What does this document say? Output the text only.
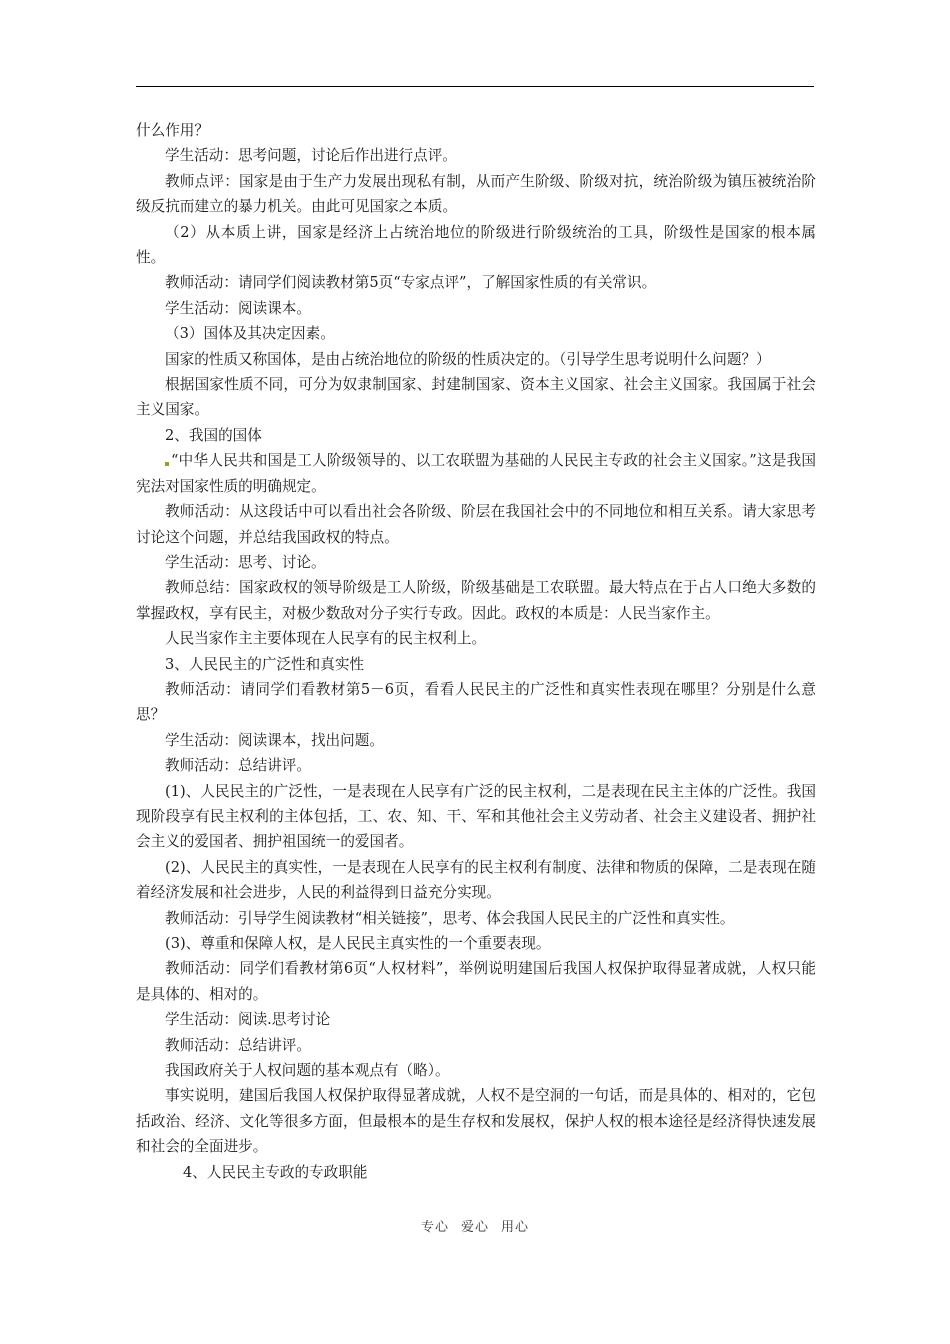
什么作用？

学生活动：思考问题，讨论后作出进行点评。

教师点评：国家是由于生产力发展出现私有制，从而产生阶级、阶级对抗，统治阶级为镇压被统治阶级反抗而建立的暴力机关。由此可见国家之本质。

（2）从本质上讲，国家是经济上占统治地位的阶级进行阶级统治的工具，阶级性是国家的根本属性。

教师活动：请同学们阅读教材第5页“专家点评”，了解国家性质的有关常识。

学生活动：阅读课本。

（3）国体及其决定因素。

国家的性质又称国体，是由占统治地位的阶级的性质决定的。（引导学生思考说明什么问题？）

根据国家性质不同，可分为奴隶制国家、封建制国家、资本主义国家、社会主义国家。我国属于社会主义国家。

2、我国的国体

“中华人民共和国是工人阶级领导的、以工农联盟为基础的人民民主专政的社会主义国家。”这是我国宪法对国家性质的明确规定。

教师活动：从这段话中可以看出社会各阶级、阶层在我国社会中的不同地位和相互关系。请大家思考讨论这个问题，并总结我国政权的特点。

学生活动：思考、讨论。

教师总结：国家政权的领导阶级是工人阶级，阶级基础是工农联盟。最大特点在于占人口绝大多数的掌握政权，享有民主，对极少数敌对分子实行专政。因此。政权的本质是：人民当家作主。

人民当家作主主要体现在人民享有的民主权利上。

3、人民民主的广泛性和真实性

教师活动：请同学们看教材第5－6页，看看人民民主的广泛性和真实性表现在哪里？分别是什么意思？

学生活动：阅读课本，找出问题。

教师活动：总结讲评。

(1)、人民民主的广泛性，一是表现在人民享有广泛的民主权利，二是表现在民主主体的广泛性。我国现阶段享有民主权利的主体包括，工、农、知、干、军和其他社会主义劳动者、社会主义建设者、拥护社会主义的爱国者、拥护祖国统一的爱国者。

(2)、人民民主的真实性，一是表现在人民享有的民主权利有制度、法律和物质的保障，二是表现在随着经济发展和社会进步，人民的利益得到日益充分实现。

教师活动：引导学生阅读教材“相关链接”，思考、体会我国人民民主的广泛性和真实性。

(3)、尊重和保障人权，是人民民主真实性的一个重要表现。

教师活动：同学们看教材第6页“人权材料”，举例说明建国后我国人权保护取得显著成就，人权只能是具体的、相对的。

学生活动：阅读.思考讨论

教师活动：总结讲评。

我国政府关于人权问题的基本观点有（略）。

事实说明，建国后我国人权保护取得显著成就，人权不是空洞的一句话，而是具体的、相对的，它包括政治、经济、文化等很多方面，但最根本的是生存权和发展权，保护人权的根本途径是经济得快速发展和社会的全面进步。

4、人民民主专政的专政职能

专心 爱心 用心
